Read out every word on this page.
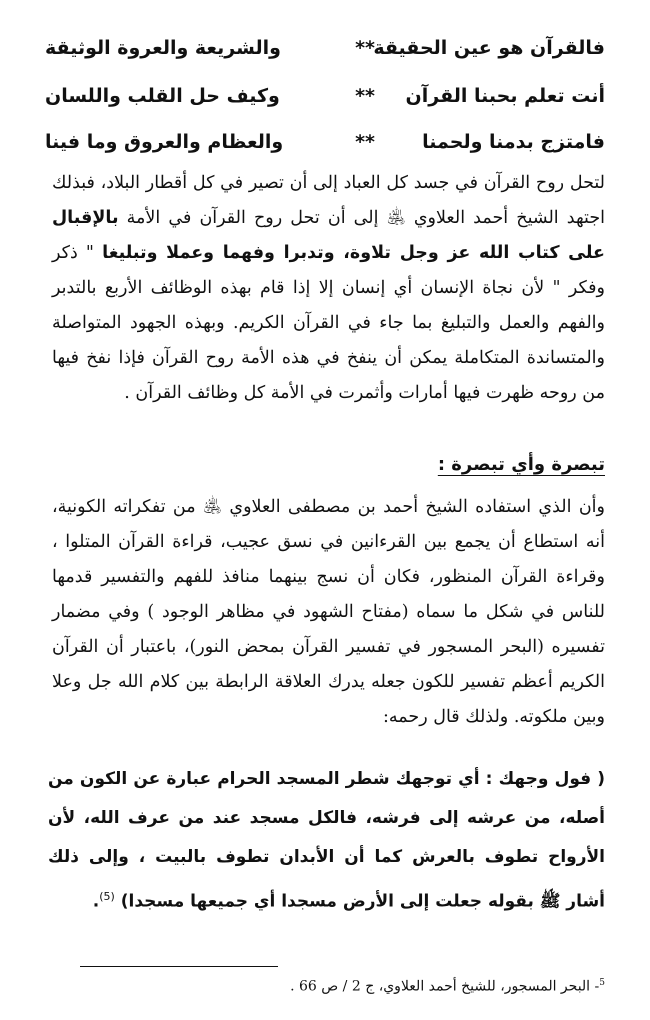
فالقرآن هو عين الحقيقة
**
والشريعة والعروة الوثيقة
أنت تعلم بحبنا القرآن
**
وكيف حل القلب واللسان
فامتزج بدمنا ولحمنا
**
والعظام والعروق وما فينا

لتحل روح القرآن في جسد كل العباد إلى أن تصير في كل أقطار البلاد، فبذلك اجتهد الشيخ أحمد العلاوي ﵁ إلى أن تحل روح القرآن في الأمة بالإقبال على كتاب الله عز وجل تلاوة، وتدبرا وفهما وعملا وتبليغا " ذكر وفكر " لأن نجاة الإنسان أي إنسان إلا إذا قام بهذه الوظائف الأربع بالتدبر والفهم والعمل والتبليغ بما جاء في القرآن الكريم. وبهذه الجهود المتواصلة والمتساندة المتكاملة يمكن أن ينفخ في هذه الأمة روح القرآن فإذا نفخ فيها من روحه ظهرت فيها أمارات وأثمرت في الأمة كل وظائف القرآن .

تبصرة وأي تبصرة :

وأن الذي استفاده الشيخ أحمد بن مصطفى العلاوي ﵁ من تفكراته الكونية، أنه استطاع أن يجمع بين القرءانين في نسق عجيب، قراءة القرآن المتلوا ، وقراءة القرآن المنظور، فكان أن نسج بينهما منافذ للفهم والتفسير قدمها للناس في شكل ما سماه (مفتاح الشهود في مظاهر الوجود ) وفي مضمار تفسيره (البحر المسجور في تفسير القرآن بمحض النور)، باعتبار أن القرآن الكريم أعظم تفسير للكون جعله يدرك العلاقة الرابطة بين كلام الله جل وعلا وبين ملكوته. ولذلك قال رحمه:

( فول وجهك : أي توجهك شطر المسجد الحرام عبارة عن الكون من أصله، من عرشه إلى فرشه، فالكل مسجد عند من عرف الله، لأن الأرواح تطوف بالعرش كما أن الأبدان تطوف بالبيت ، وإلى ذلك أشار ﷺ بقوله جعلت إلى الأرض مسجدا أي جميعها مسجدا) $^{(5)}$.

$^5$- البحر المسجور، للشيخ أحمد العلاوي، ج 2 / ص 66 .
